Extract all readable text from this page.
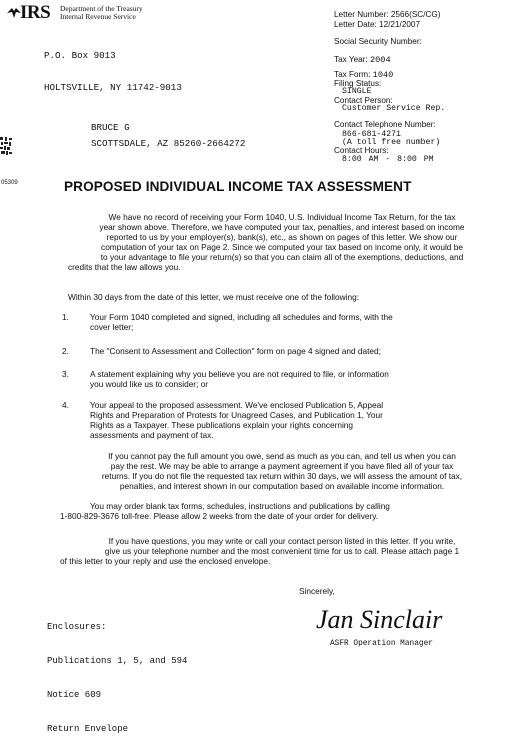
IRS Department of the Treasury
Internal Revenue Service

P.O. Box 9013

HOLTSVILLE, NY 11742-9013

Letter Number: 2566(SC/CG)
Letter Date: 12/21/2007
Social Security Number:
Tax Year: 2004
Tax Form: 1040
Filing Status:
SINGLE
Contact Person:
Customer Service Rep.
Contact Telephone Number:
866-681-4271
(A toll free number)
Contact Hours:
8:00 AM - 8:00 PM
BRUCE G
SCOTTSDALE, AZ 85260-2664272
05309	PROPOSED INDIVIDUAL INCOME TAX ASSESSMENT
We have no record of receiving your Form 1040, U.S. Individual Income Tax Return, for the tax
year shown above. Therefore, we have computed your tax, penalties, and interest based on income
reported to us by your employer(s), bank(s), etc., as shown on pages of this letter. We show our
computation of your tax on Page 2. Since we computed your tax based on income only, it would be
to your advantage to file your return(s) so that you can claim all of the exemptions, deductions, and
credits that the law allows you.
Within 30 days from the date of this letter, we must receive one of the following:
1.	Your Form 1040 completed and signed, including all schedules and forms, with the
cover letter;
2.	The "Consent to Assessment and Collection" form on page 4 signed and dated;
3.	A statement explaining why you believe you are not required to file, or information
you would like us to consider; or
4.	Your appeal to the proposed assessment. We've enclosed Publication 5, Appeal
Rights and Preparation of Protests for Unagreed Cases, and Publication 1, Your
Rights as a Taxpayer. These publications explain your rights concerning
assessments and payment of tax.
If you cannot pay the full amount you owe, send as much as you can, and tell us when you can
pay the rest. We may be able to arrange a payment agreement if you have filed all of your tax
returns. If you do not file the requested tax return within 30 days, we will assess the amount of tax,
penalties, and interest shown in our computation based on available income information.
You may order blank tax forms, schedules, instructions and publications by calling
1-800-829-3676 toll-free. Please allow 2 weeks from the date of your order for delivery.
If you have questions, you may write or call your contact person listed in this letter. If you write,
give us your telephone number and the most convenient time for us to call. Please attach page 1
of this letter to your reply and use the enclosed envelope.
Sincerely,
Jan Sinclair
ASFR Operation Manager

Enclosures:

Publications 1, 5, and 594

Notice 609

Return Envelope
